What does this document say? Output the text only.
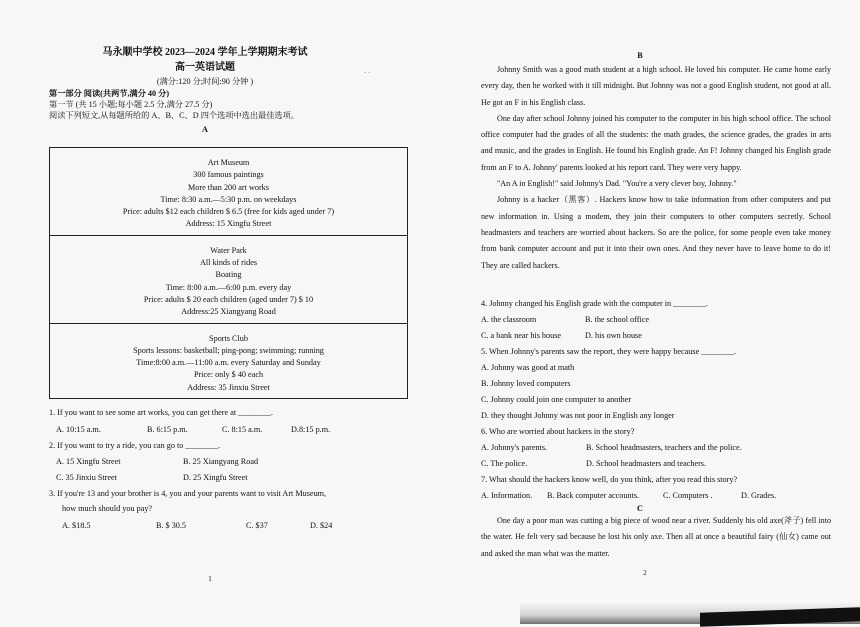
马永顺中学校 2023—2024 学年上学期期末考试
高一英语试题
(满分:120 分;时间:90 分钟 )
第一部分 阅读(共两节,满分 40 分)
第一节 (共 15 小题;每小题 2.5 分,满分 27.5 分)
阅读下列短文,从每题所给的 A、B、C、D 四个选项中选出最佳选项。
A
· ·
Art Museum
300 famous paintings
More than 200 art works
Time: 8:30 a.m.—5:30 p.m. on weekdays
Price: adults $12 each children $ 6.5 (free for kids aged under 7)
Address: 15 Xingfu Street
Water Park
All kinds of rides
Boating
Time: 8:00 a.m.—6:00 p.m. every day
Price: adults $ 20 each children (aged under 7) $ 10
Address:25 Xiangyang Road
Sports Club
Sports lessons: basketball; ping-pong; swimming; running
Time:8:00 a.m.—11:00 a.m. every Saturday and Sunday
Price: only $ 40 each
Address: 35 Jinxiu Street
1. If you want to see some art works, you can get there at ________.
A. 10:15 a.m.	B. 6:15 p.m.	C. 8:15 a.m.	D.8:15 p.m.
2. If you want to try a ride, you can go to ________.
A. 15 Xingfu Street	B. 25 Xiangyang Road
C. 35 Jinxiu Street	D. 25 Xingfu Street
3. If you're 13 and your brother is 4, you and your parents want to visit Art Museum,
how much should you pay?
A. $18.5	B. $ 30.5	C. $37	D. $24
1
B

Johnny Smith was a good math student at a high school. He loved his computer. He came home early every day, then he worked with it till midnight. But Johnny was not a good English student, not good at all. He got an F in his English class.

One day after school Johnny joined his computer to the computer in his high school office. The school office computer had the grades of all the students: the math grades, the science grades, the grades in arts and music, and the grades in English. He found his English grade. An F! Johnny changed his English grade from an F to A. Johnny' parents looked at his report card. They were very happy.

"An A in English!" said Johnny's Dad. "You're a very clever boy, Johnny."

Johnny is a hacker（黑客）. Hackers know how to take information from other computers and put new information in. Using a modem, they join their computers to other computers secretly. School headmasters and teachers are worried about hackers. So are the police, for some people even take money from bank computer account and put it into their own ones. And they never have to leave home to do it! They are called hackers.

4. Johnny changed his English grade with the computer in ________.
A. the classroom	B. the school office
C. a bank near his house	D. his own house
5. When Johnny's parents saw the report, they were happy because ________.
A. Johnny was good at math
B. Johnny loved computers
C. Johnny could join one computer to another
D. they thought Johnny was not poor in English any longer
6. Who are worried about hackers in the story?
A. Johnny's parents.	B. School headmasters, teachers and the police.
C. The police.	D. School headmasters and teachers.
7. What should the hackers know well, do you think, after you read this story?
A. Information. B. Back computer accounts.	C. Computers .	D. Grades.
C

One day a poor man was cutting a big piece of wood near a river. Suddenly his old axe(斧子) fell into the water. He felt very sad because he lost his only axe. Then all at once a beautiful fairy (仙女) came out and asked the man what was the matter.

2
